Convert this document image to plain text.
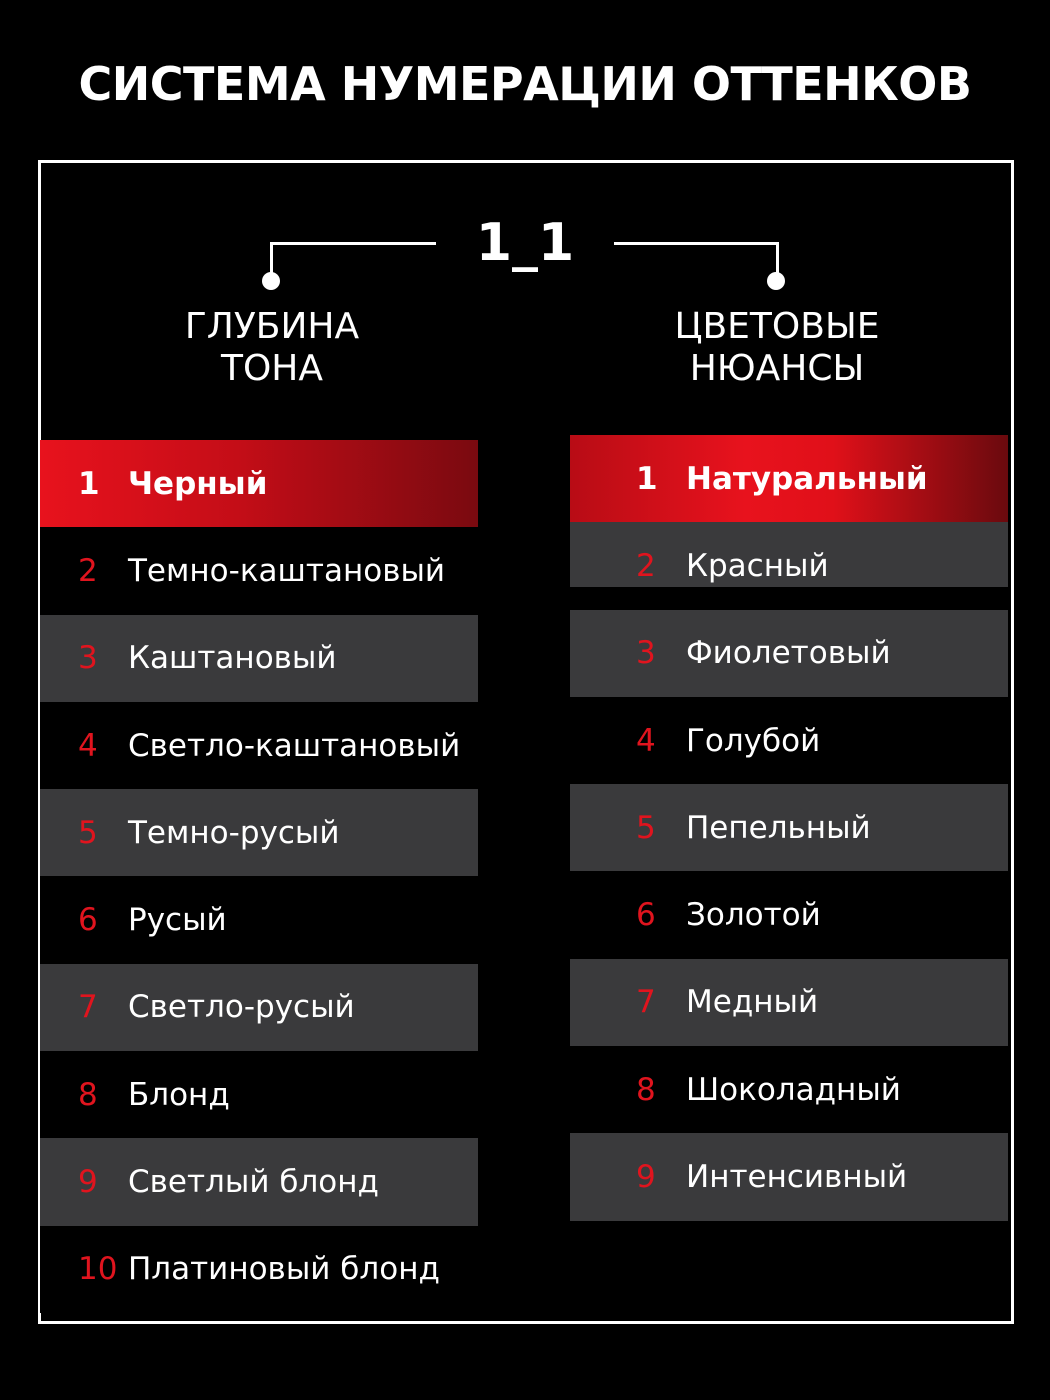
СИСТЕМА НУМЕРАЦИИ ОТТЕНКОВ
1_1
ГЛУБИНА
ТОНА
ЦВЕТОВЫЕ
НЮАНСЫ
1 Черный
2 Темно-каштановый
3 Каштановый
4 Светло-каштановый
5 Темно-русый
6 Русый
7 Светло-русый
8 Блонд
9 Светлый блонд
10 Платиновый блонд
1 Натуральный
2 Красный
3 Фиолетовый
4 Голубой
5 Пепельный
6 Золотой
7 Медный
8 Шоколадный
9 Интенсивный
